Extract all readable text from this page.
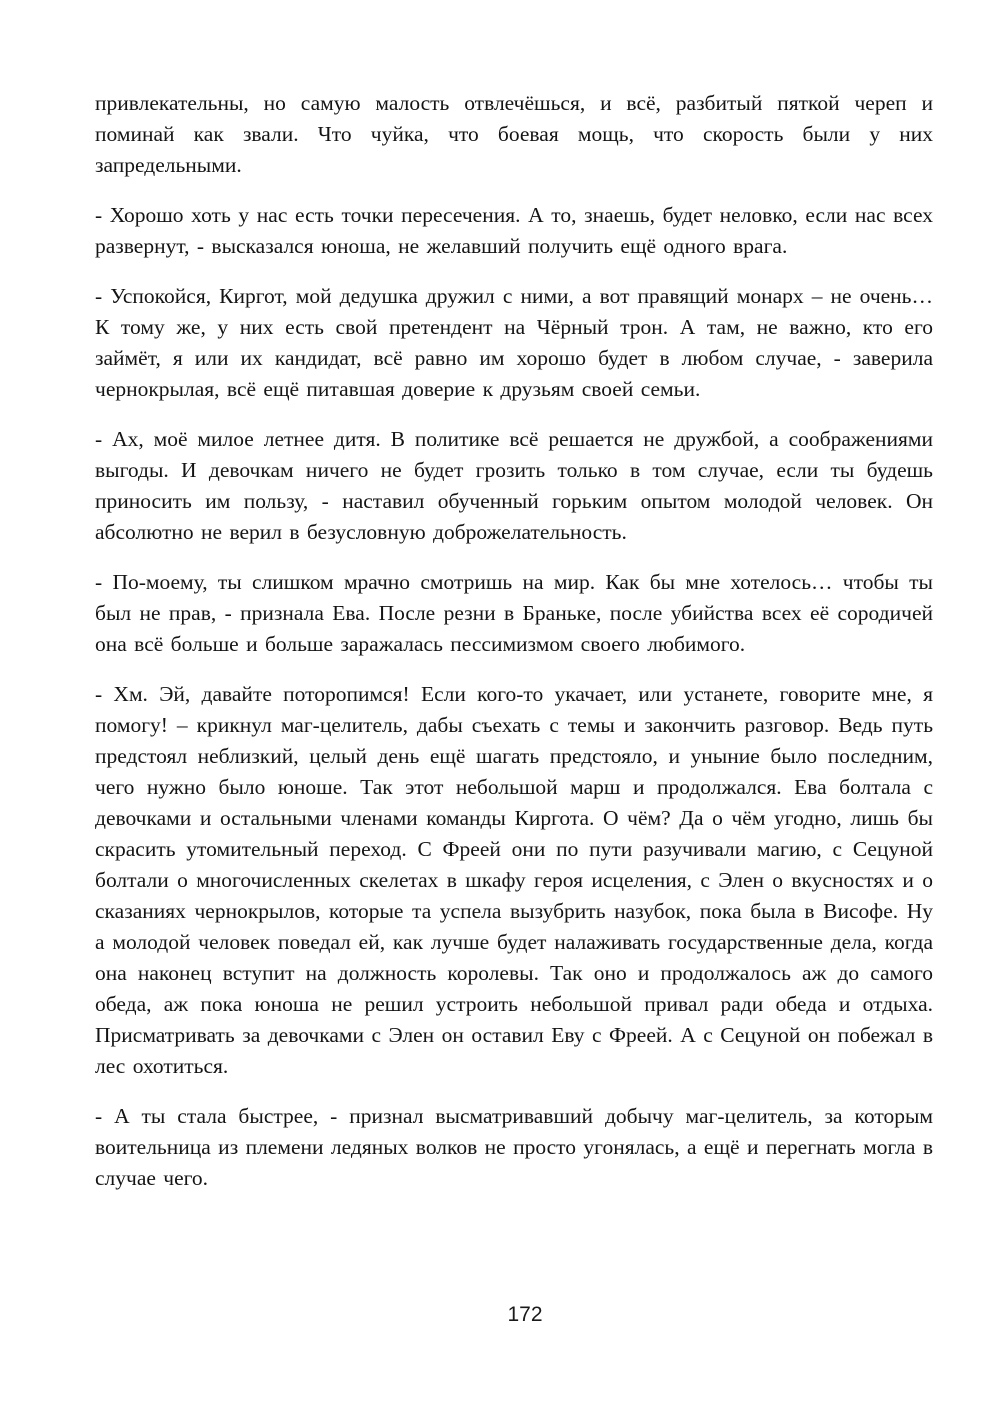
привлекательны, но самую малость отвлечёшься, и всё, разбитый пяткой череп и поминай как звали. Что чуйка, что боевая мощь, что скорость были у них запредельными.

- Хорошо хоть у нас есть точки пересечения. А то, знаешь, будет неловко, если нас всех развернут, - высказался юноша, не желавший получить ещё одного врага.

- Успокойся, Киргот, мой дедушка дружил с ними, а вот правящий монарх – не очень… К тому же, у них есть свой претендент на Чёрный трон. А там, не важно, кто его займёт, я или их кандидат, всё равно им хорошо будет в любом случае, - заверила чернокрылая, всё ещё питавшая доверие к друзьям своей семьи.

- Ах, моё милое летнее дитя. В политике всё решается не дружбой, а соображениями выгоды. И девочкам ничего не будет грозить только в том случае, если ты будешь приносить им пользу, - наставил обученный горьким опытом молодой человек. Он абсолютно не верил в безусловную доброжелательность.

- По-моему, ты слишком мрачно смотришь на мир. Как бы мне хотелось… чтобы ты был не прав, - признала Ева. После резни в Браньке, после убийства всех её сородичей она всё больше и больше заражалась пессимизмом своего любимого.

- Хм. Эй, давайте поторопимся! Если кого-то укачает, или устанете, говорите мне, я помогу! – крикнул маг-целитель, дабы съехать с темы и закончить разговор. Ведь путь предстоял неблизкий, целый день ещё шагать предстояло, и уныние было последним, чего нужно было юноше. Так этот небольшой марш и продолжался. Ева болтала с девочками и остальными членами команды Киргота. О чём? Да о чём угодно, лишь бы скрасить утомительный переход. С Фреей они по пути разучивали магию, с Сецуной болтали о многочисленных скелетах в шкафу героя исцеления, с Элен о вкусностях и о сказаниях чернокрылов, которые та успела вызубрить назубок, пока была в Висофе. Ну а молодой человек поведал ей, как лучше будет налаживать государственные дела, когда она наконец вступит на должность королевы. Так оно и продолжалось аж до самого обеда, аж пока юноша не решил устроить небольшой привал ради обеда и отдыха. Присматривать за девочками с Элен он оставил Еву с Фреей. А с Сецуной он побежал в лес охотиться.

- А ты стала быстрее, - признал высматривавший добычу маг-целитель, за которым воительница из племени ледяных волков не просто угонялась, а ещё и перегнать могла в случае чего.

172
